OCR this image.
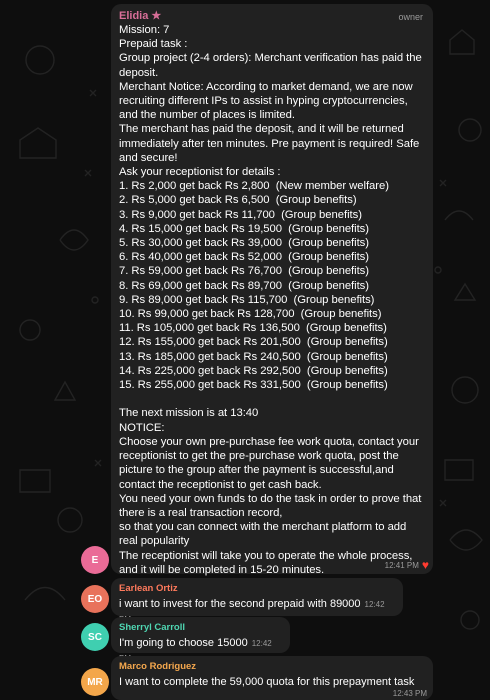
Elidia ★	owner
Mission: 7
Prepaid task :
Group project (2-4 orders): Merchant verification has paid the deposit.
Merchant Notice: According to market demand, we are now recruiting different IPs to assist in hyping cryptocurrencies, and the number of places is limited.
The merchant has paid the deposit, and it will be returned immediately after ten minutes. Pre payment is required! Safe and secure!
Ask your receptionist for details :
1. Rs 2,000 get back Rs 2,800  (New member welfare)
2. Rs 5,000 get back Rs 6,500  (Group benefits)
3. Rs 9,000 get back Rs 11,700  (Group benefits)
4. Rs 15,000 get back Rs 19,500  (Group benefits)
5. Rs 30,000 get back Rs 39,000  (Group benefits)
6. Rs 40,000 get back Rs 52,000  (Group benefits)
7. Rs 59,000 get back Rs 76,700  (Group benefits)
8. Rs 69,000 get back Rs 89,700  (Group benefits)
9. Rs 89,000 get back Rs 115,700  (Group benefits)
10. Rs 99,000 get back Rs 128,700  (Group benefits)
11. Rs 105,000 get back Rs 136,500  (Group benefits)
12. Rs 155,000 get back Rs 201,500  (Group benefits)
13. Rs 185,000 get back Rs 240,500  (Group benefits)
14. Rs 225,000 get back Rs 292,500  (Group benefits)
15. Rs 255,000 get back Rs 331,500  (Group benefits)

The next mission is at 13:40
NOTICE:
Choose your own pre-purchase fee work quota, contact your receptionist to get the pre-purchase work quota, post the picture to the group after the payment is successful,and contact the receptionist to get cash back.
You need your own funds to do the task in order to prove that there is a real transaction record,
so that you can connect with the merchant platform to add real popularity
The receptionist will take you to operate the whole process, and it will be completed in 15-20 minutes.	12:41 PM ♥
E
Earlean Ortiz
i want to invest for the second prepaid with 89000 12:42
EO
Sherryl Carroll
I'm going to choose 15000 12:42
SC
Marco Rodriguez
I want to complete the 59,000 quota for this prepayment task
12:43 PM
MR
